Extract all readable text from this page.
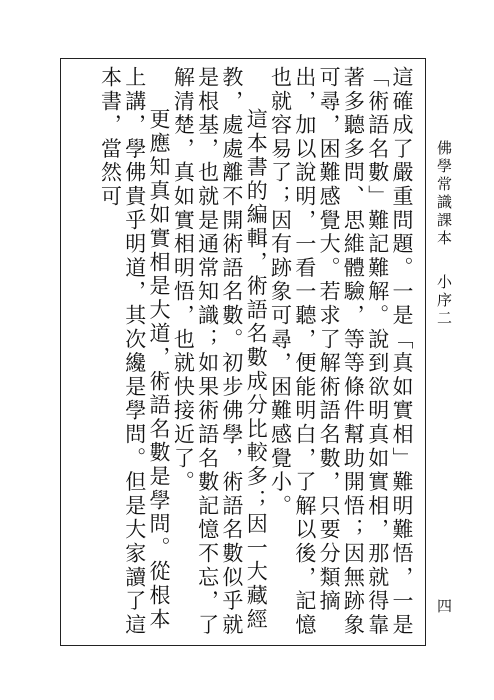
佛學常識課本小序二
四

這確成了嚴重問題。一是「真如實相」難明難悟，一是「術語名數」難記難解。說到欲明真如實相，那就得靠著多聽多問、思維體驗，等等條件幫助開悟；因無跡象可尋，困難感覺大。若求了解術語名數，只要分類摘出，加以說明，一看一聽，便能明白，了解以後，記憶也就容易了；因有跡象可尋，困難感覺小。

這本書的編輯，術語名數成分比較多；因一大藏經教，處處離不開術語名數。初步佛學，術語名數似乎就是根基，也就是通常知識；如果術語名數記憶不忘，了解清楚，真如實相明悟，也就快接近了。

更應知真如實相是大道，術語名數是學問。從根本上講，學佛貴乎明道，其次纔是學問。但是大家讀了這本書，當然可
